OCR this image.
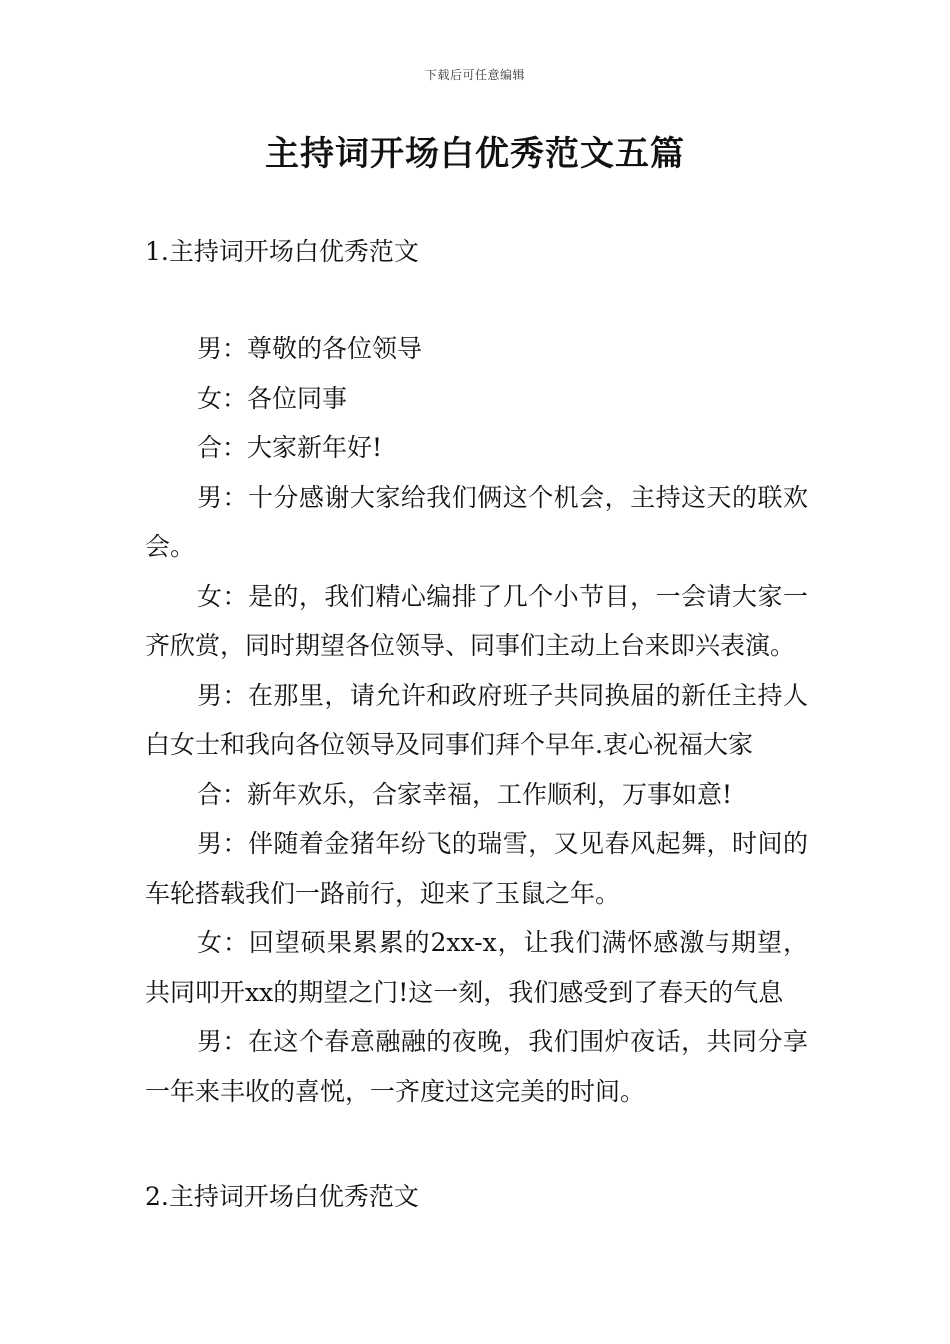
下载后可任意编辑
主持词开场白优秀范文五篇
1.主持词开场白优秀范文

男：尊敬的各位领导

女：各位同事

合：大家新年好!

男：十分感谢大家给我们俩这个机会，主持这天的联欢会。

女：是的，我们精心编排了几个小节目，一会请大家一齐欣赏，同时期望各位领导、同事们主动上台来即兴表演。

男：在那里，请允许和政府班子共同换届的新任主持人白女士和我向各位领导及同事们拜个早年.衷心祝福大家

合：新年欢乐，合家幸福，工作顺利，万事如意!

男：伴随着金猪年纷飞的瑞雪，又见春风起舞，时间的车轮搭载我们一路前行，迎来了玉鼠之年。

女：回望硕果累累的2xx-x，让我们满怀感激与期望，共同叩开xx的期望之门!这一刻，我们感受到了春天的气息

男：在这个春意融融的夜晚，我们围炉夜话，共同分享一年来丰收的喜悦，一齐度过这完美的时间。

2.主持词开场白优秀范文
